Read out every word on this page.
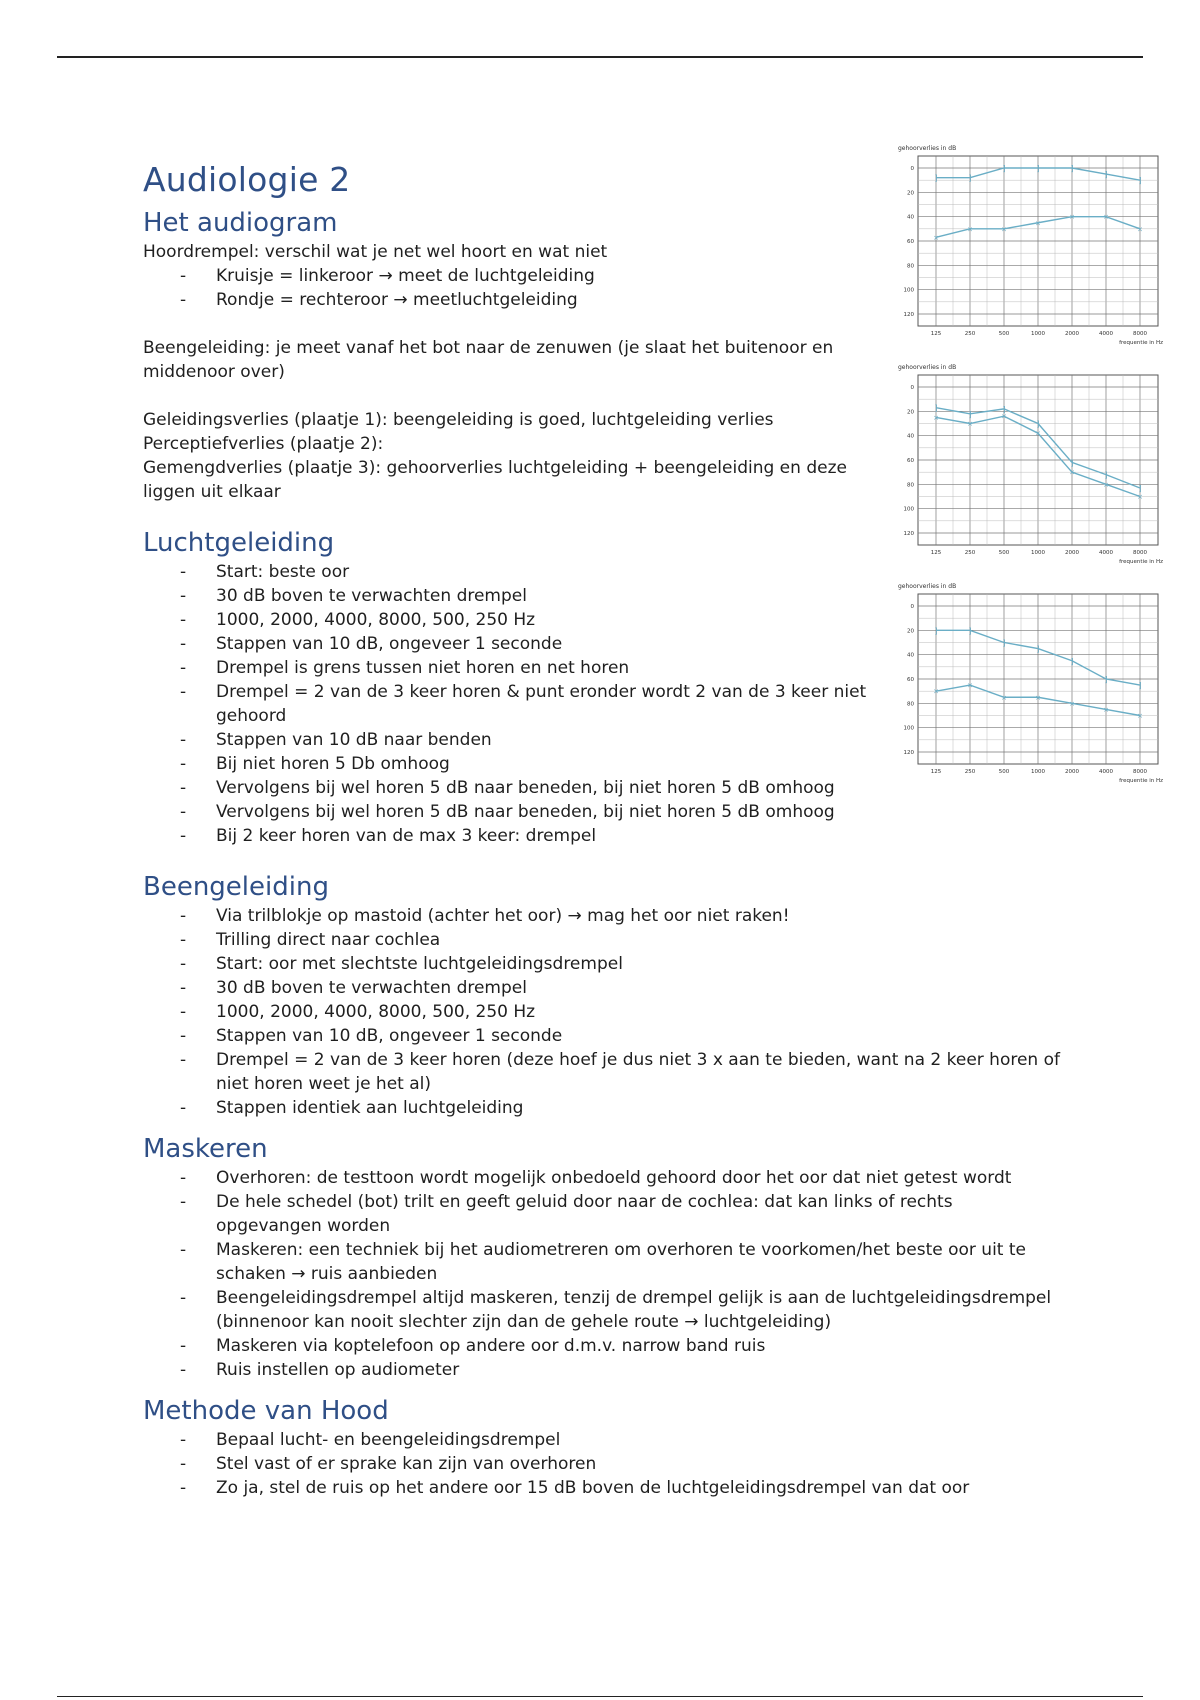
Audiologie 2
Het audiogram

Hoordrempel: verschil wat je net wel hoort en wat niet

- Kruisje = linkeroor → meet de luchtgeleiding
- Rondje = rechteroor → meetluchtgeleiding

Beengeleiding: je meet vanaf het bot naar de zenuwen (je slaat het buitenoor en middenoor over)

Geleidingsverlies (plaatje 1): beengeleiding is goed, luchtgeleiding verlies

Perceptiefverlies (plaatje 2):

Gemengdverlies (plaatje 3): gehoorverlies luchtgeleiding + beengeleiding en deze liggen uit elkaar

Luchtgeleiding
- Start: beste oor
- 30 dB boven te verwachten drempel
- 1000, 2000, 4000, 8000, 500, 250 Hz
- Stappen van 10 dB, ongeveer 1 seconde
- Drempel is grens tussen niet horen en net horen
- Drempel = 2 van de 3 keer horen & punt eronder wordt 2 van de 3 keer niet gehoord
- Stappen van 10 dB naar benden
- Bij niet horen 5 Db omhoog
- Vervolgens bij wel horen 5 dB naar beneden, bij niet horen 5 dB omhoog
- Vervolgens bij wel horen 5 dB naar beneden, bij niet horen 5 dB omhoog
- Bij 2 keer horen van de max 3 keer: drempel
Beengeleiding
- Via trilblokje op mastoid (achter het oor) → mag het oor niet raken!
- Trilling direct naar cochlea
- Start: oor met slechtste luchtgeleidingsdrempel
- 30 dB boven te verwachten drempel
- 1000, 2000, 4000, 8000, 500, 250 Hz
- Stappen van 10 dB, ongeveer 1 seconde
- Drempel = 2 van de 3 keer horen (deze hoef je dus niet 3 x aan te bieden, want na 2 keer horen of niet horen weet je het al)
- Stappen identiek aan luchtgeleiding
Maskeren
- Overhoren: de testtoon wordt mogelijk onbedoeld gehoord door het oor dat niet getest wordt
- De hele schedel (bot) trilt en geeft geluid door naar de cochlea: dat kan links of rechts opgevangen worden
- Maskeren: een techniek bij het audiometreren om overhoren te voorkomen/het beste oor uit te schaken → ruis aanbieden
- Beengeleidingsdrempel altijd maskeren, tenzij de drempel gelijk is aan de luchtgeleidingsdrempel (binnenoor kan nooit slechter zijn dan de gehele route → luchtgeleiding)
- Maskeren via koptelefoon op andere oor d.m.v. narrow band ruis
- Ruis instellen op audiometer
Methode van Hood
- Bepaal lucht- en beengeleidingsdrempel
- Stel vast of er sprake kan zijn van overhoren
- Zo ja, stel de ruis op het andere oor 15 dB boven de luchtgeleidingsdrempel van dat oor
gehoorverlies in dB
125	250	500	1000	2000	4000	8000
0
20
40
60
80
100
120
frequentie in Hz
]	]
]	]	]
]
]
×
×	×
×
×	×
×

gehoorverlies in dB
125	250	500	1000	2000	4000	8000
0
20
40
60
80
100
120
frequentie in Hz
]
]
]
]
]
]
]
×
×
×
×
×
×
×

gehoorverlies in dB
125	250	500	1000	2000	4000	8000
0
20
40
60
80
100
120
frequentie in Hz
]	]
]
]
]
]
]
×
×
×	×
×
×
×
